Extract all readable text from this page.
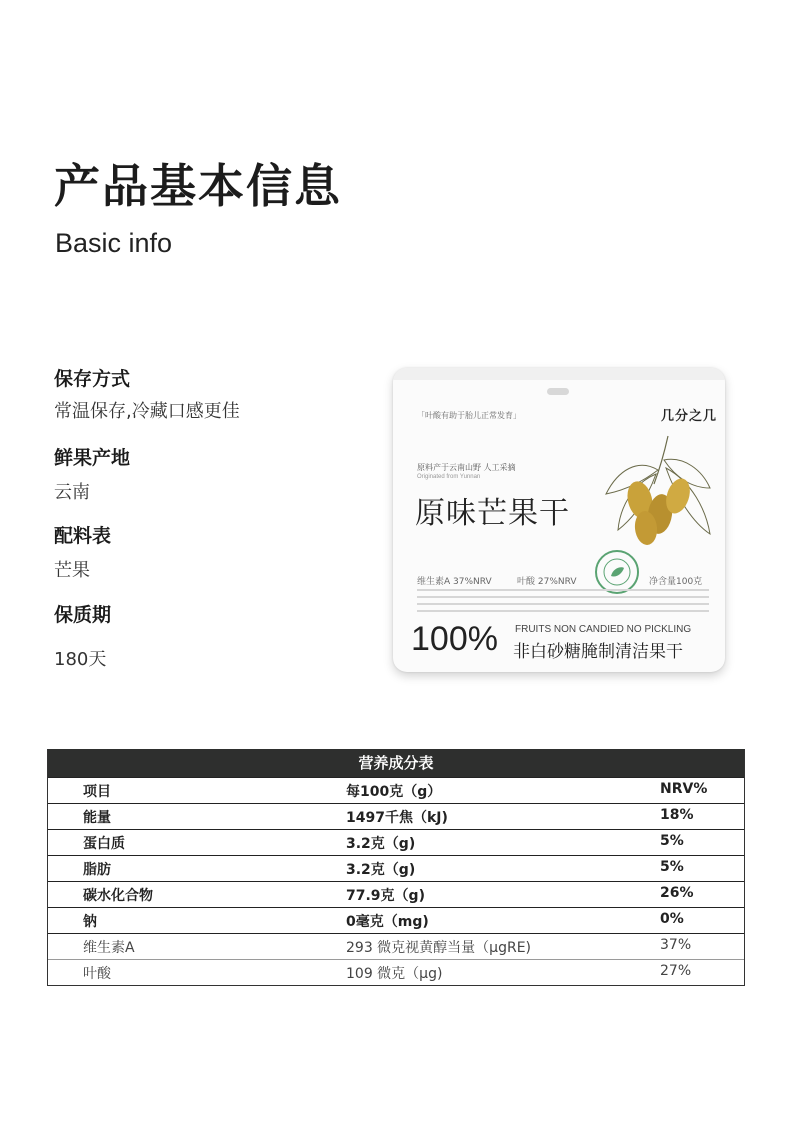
产品基本信息
Basic info
保存方式
常温保存,冷藏口感更佳
鲜果产地
云南
配料表
芒果
保质期
180天
「叶酸有助于胎儿正常发育」	几分之几
原料产于云南山野 人工采摘
Originated from Yunnan
原味芒果干
维生素A 37%NRV	叶酸 27%NRV	净含量100克
100% FRUITS NON CANDIED NO PICKLING
非白砂糖腌制清洁果干
营养成分表
项目	每100克（g）	NRV%
能量	1497千焦（kJ)	18%
蛋白质	3.2克（g)	5%
脂肪	3.2克（g)	5%
碳水化合物	77.9克（g)	26%
钠	0毫克（mg)	0%
维生素A	293 微克视黄醇当量（μgRE)	37%
叶酸	109 微克（μg)	27%
